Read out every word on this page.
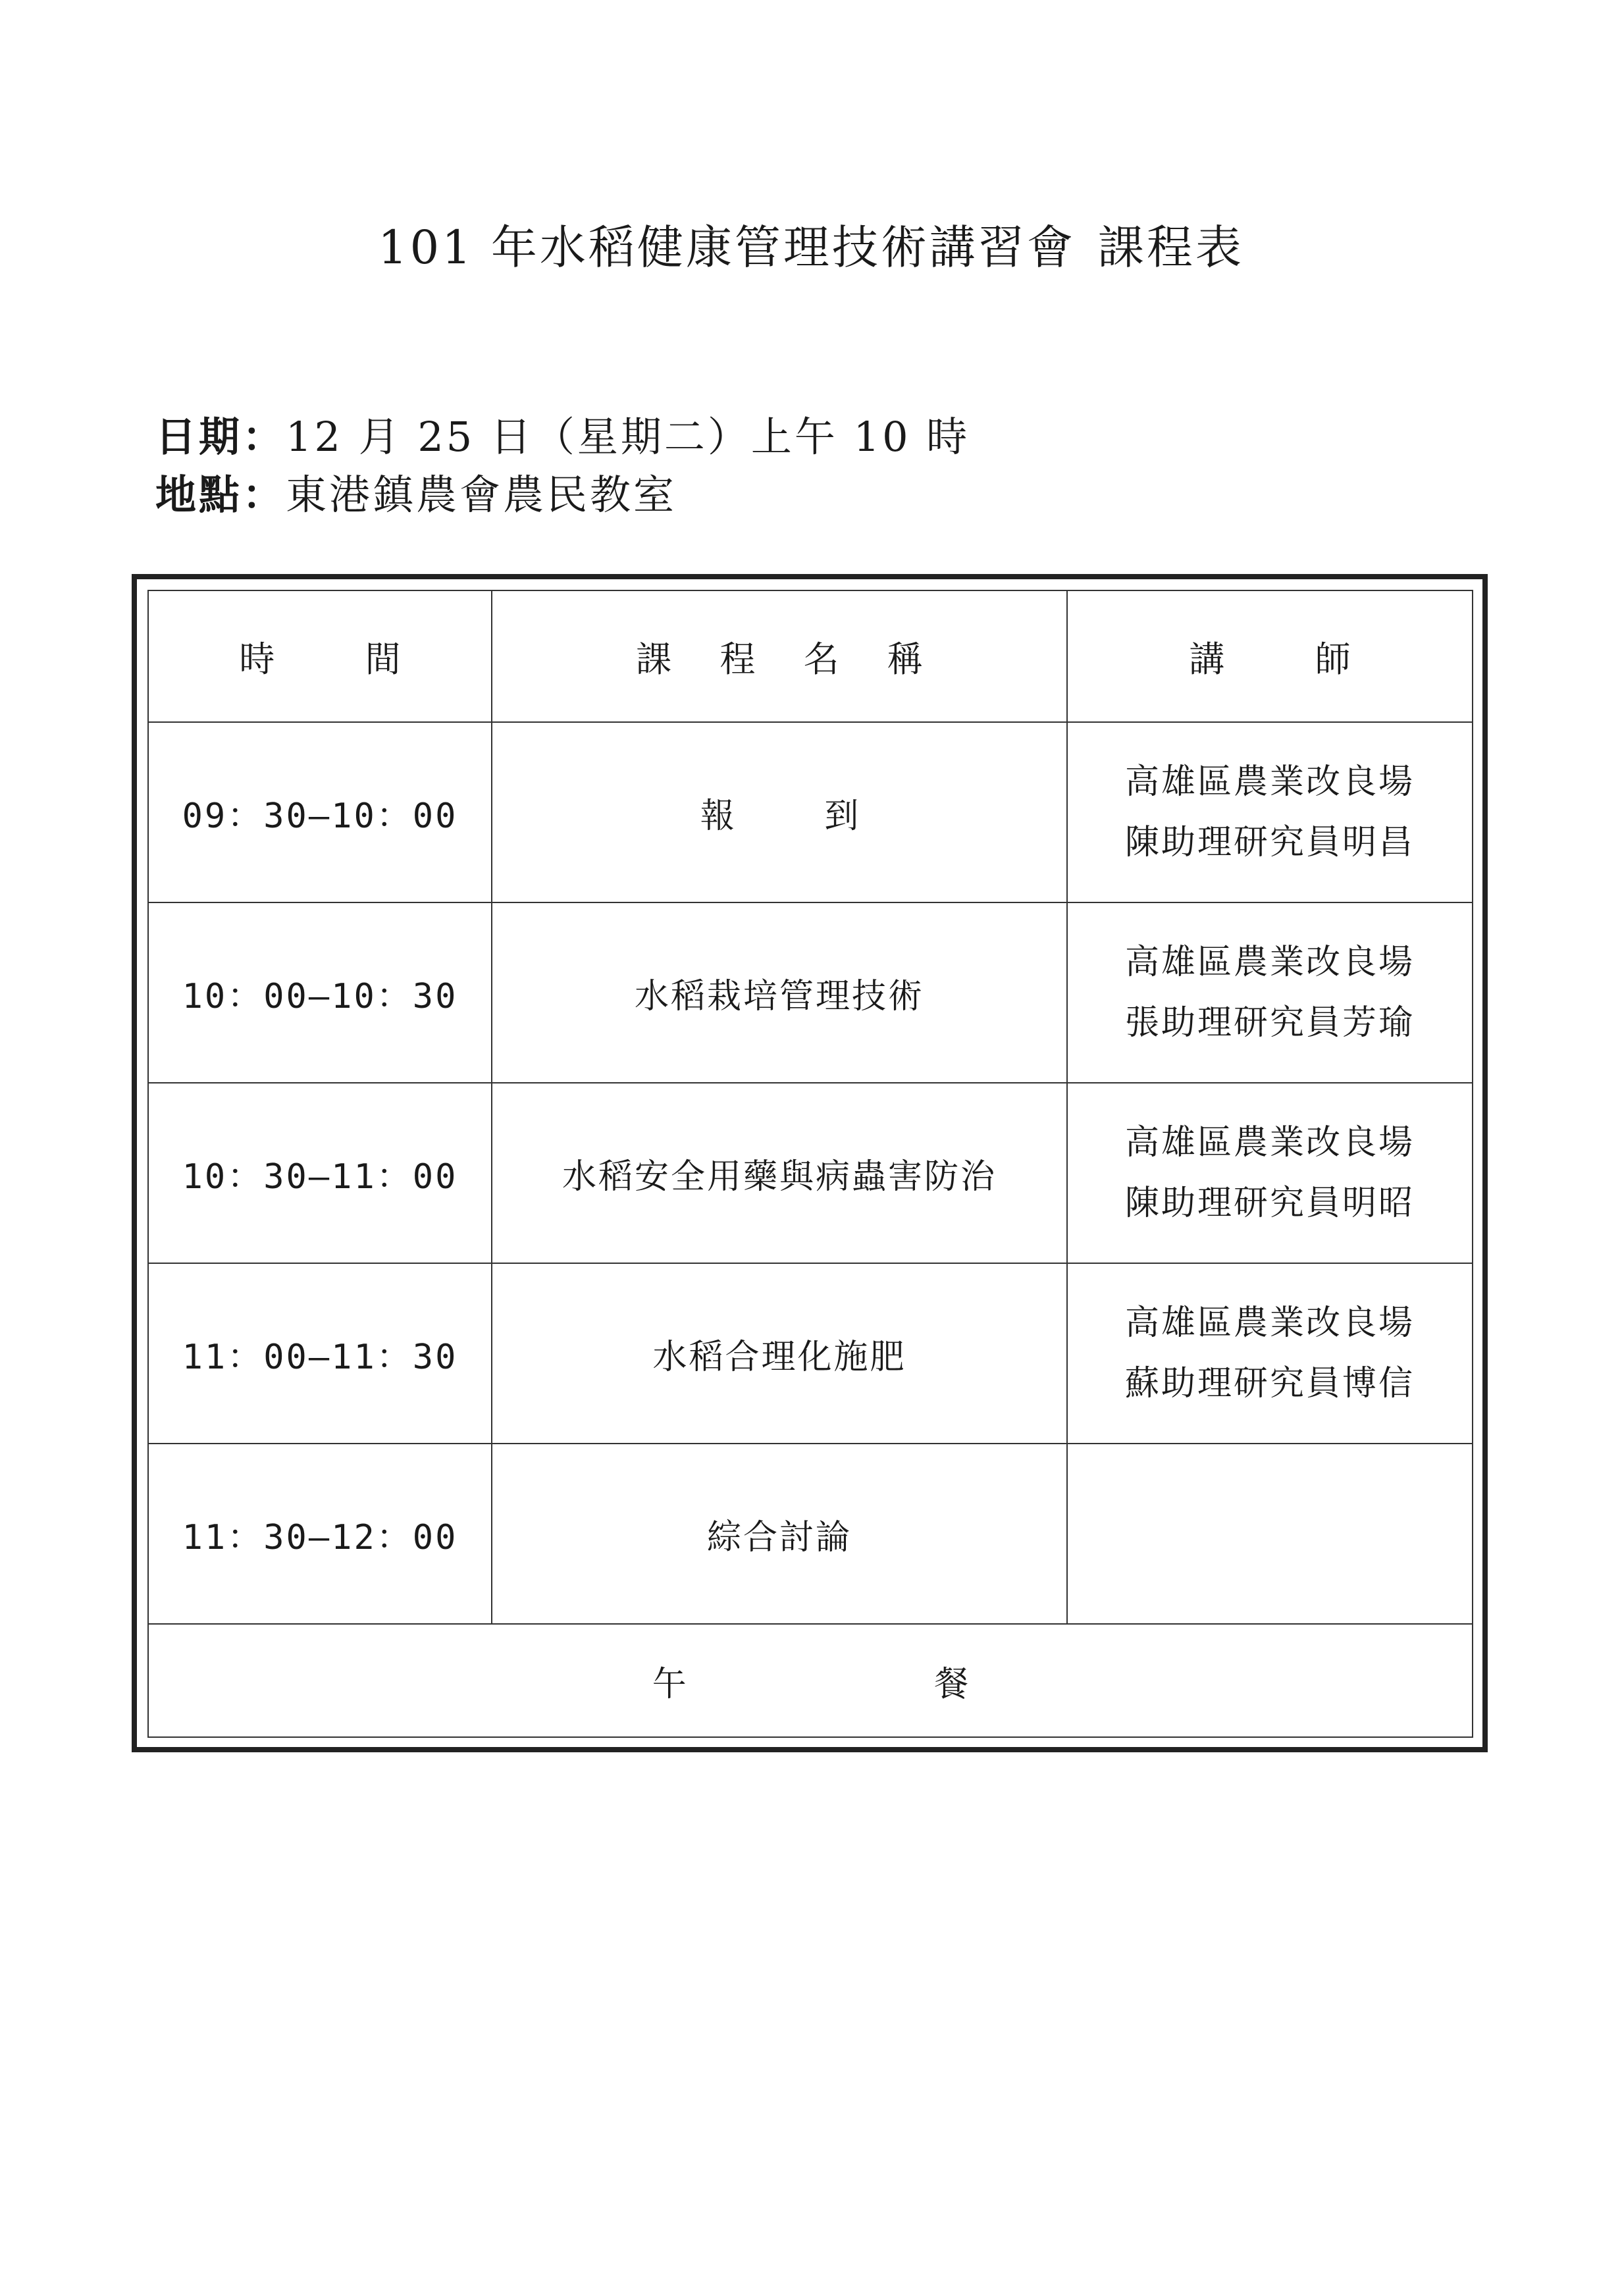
101 年水稻健康管理技術講習會 課程表
日期：12 月 25 日（星期二）上午 10 時
地點：東港鎮農會農民教室
時 間	課 程 名 稱	講 師
09：30—10：00	報 到	高雄區農業改良場
陳助理研究員明昌

10：00—10：30	水稻栽培管理技術	高雄區農業改良場
張助理研究員芳瑜

10：30—11：00	水稻安全用藥與病蟲害防治	高雄區農業改良場
陳助理研究員明昭

11：00—11：30	水稻合理化施肥	高雄區農業改良場
蘇助理研究員博信

11：30—12：00	綜合討論	

午 餐		
